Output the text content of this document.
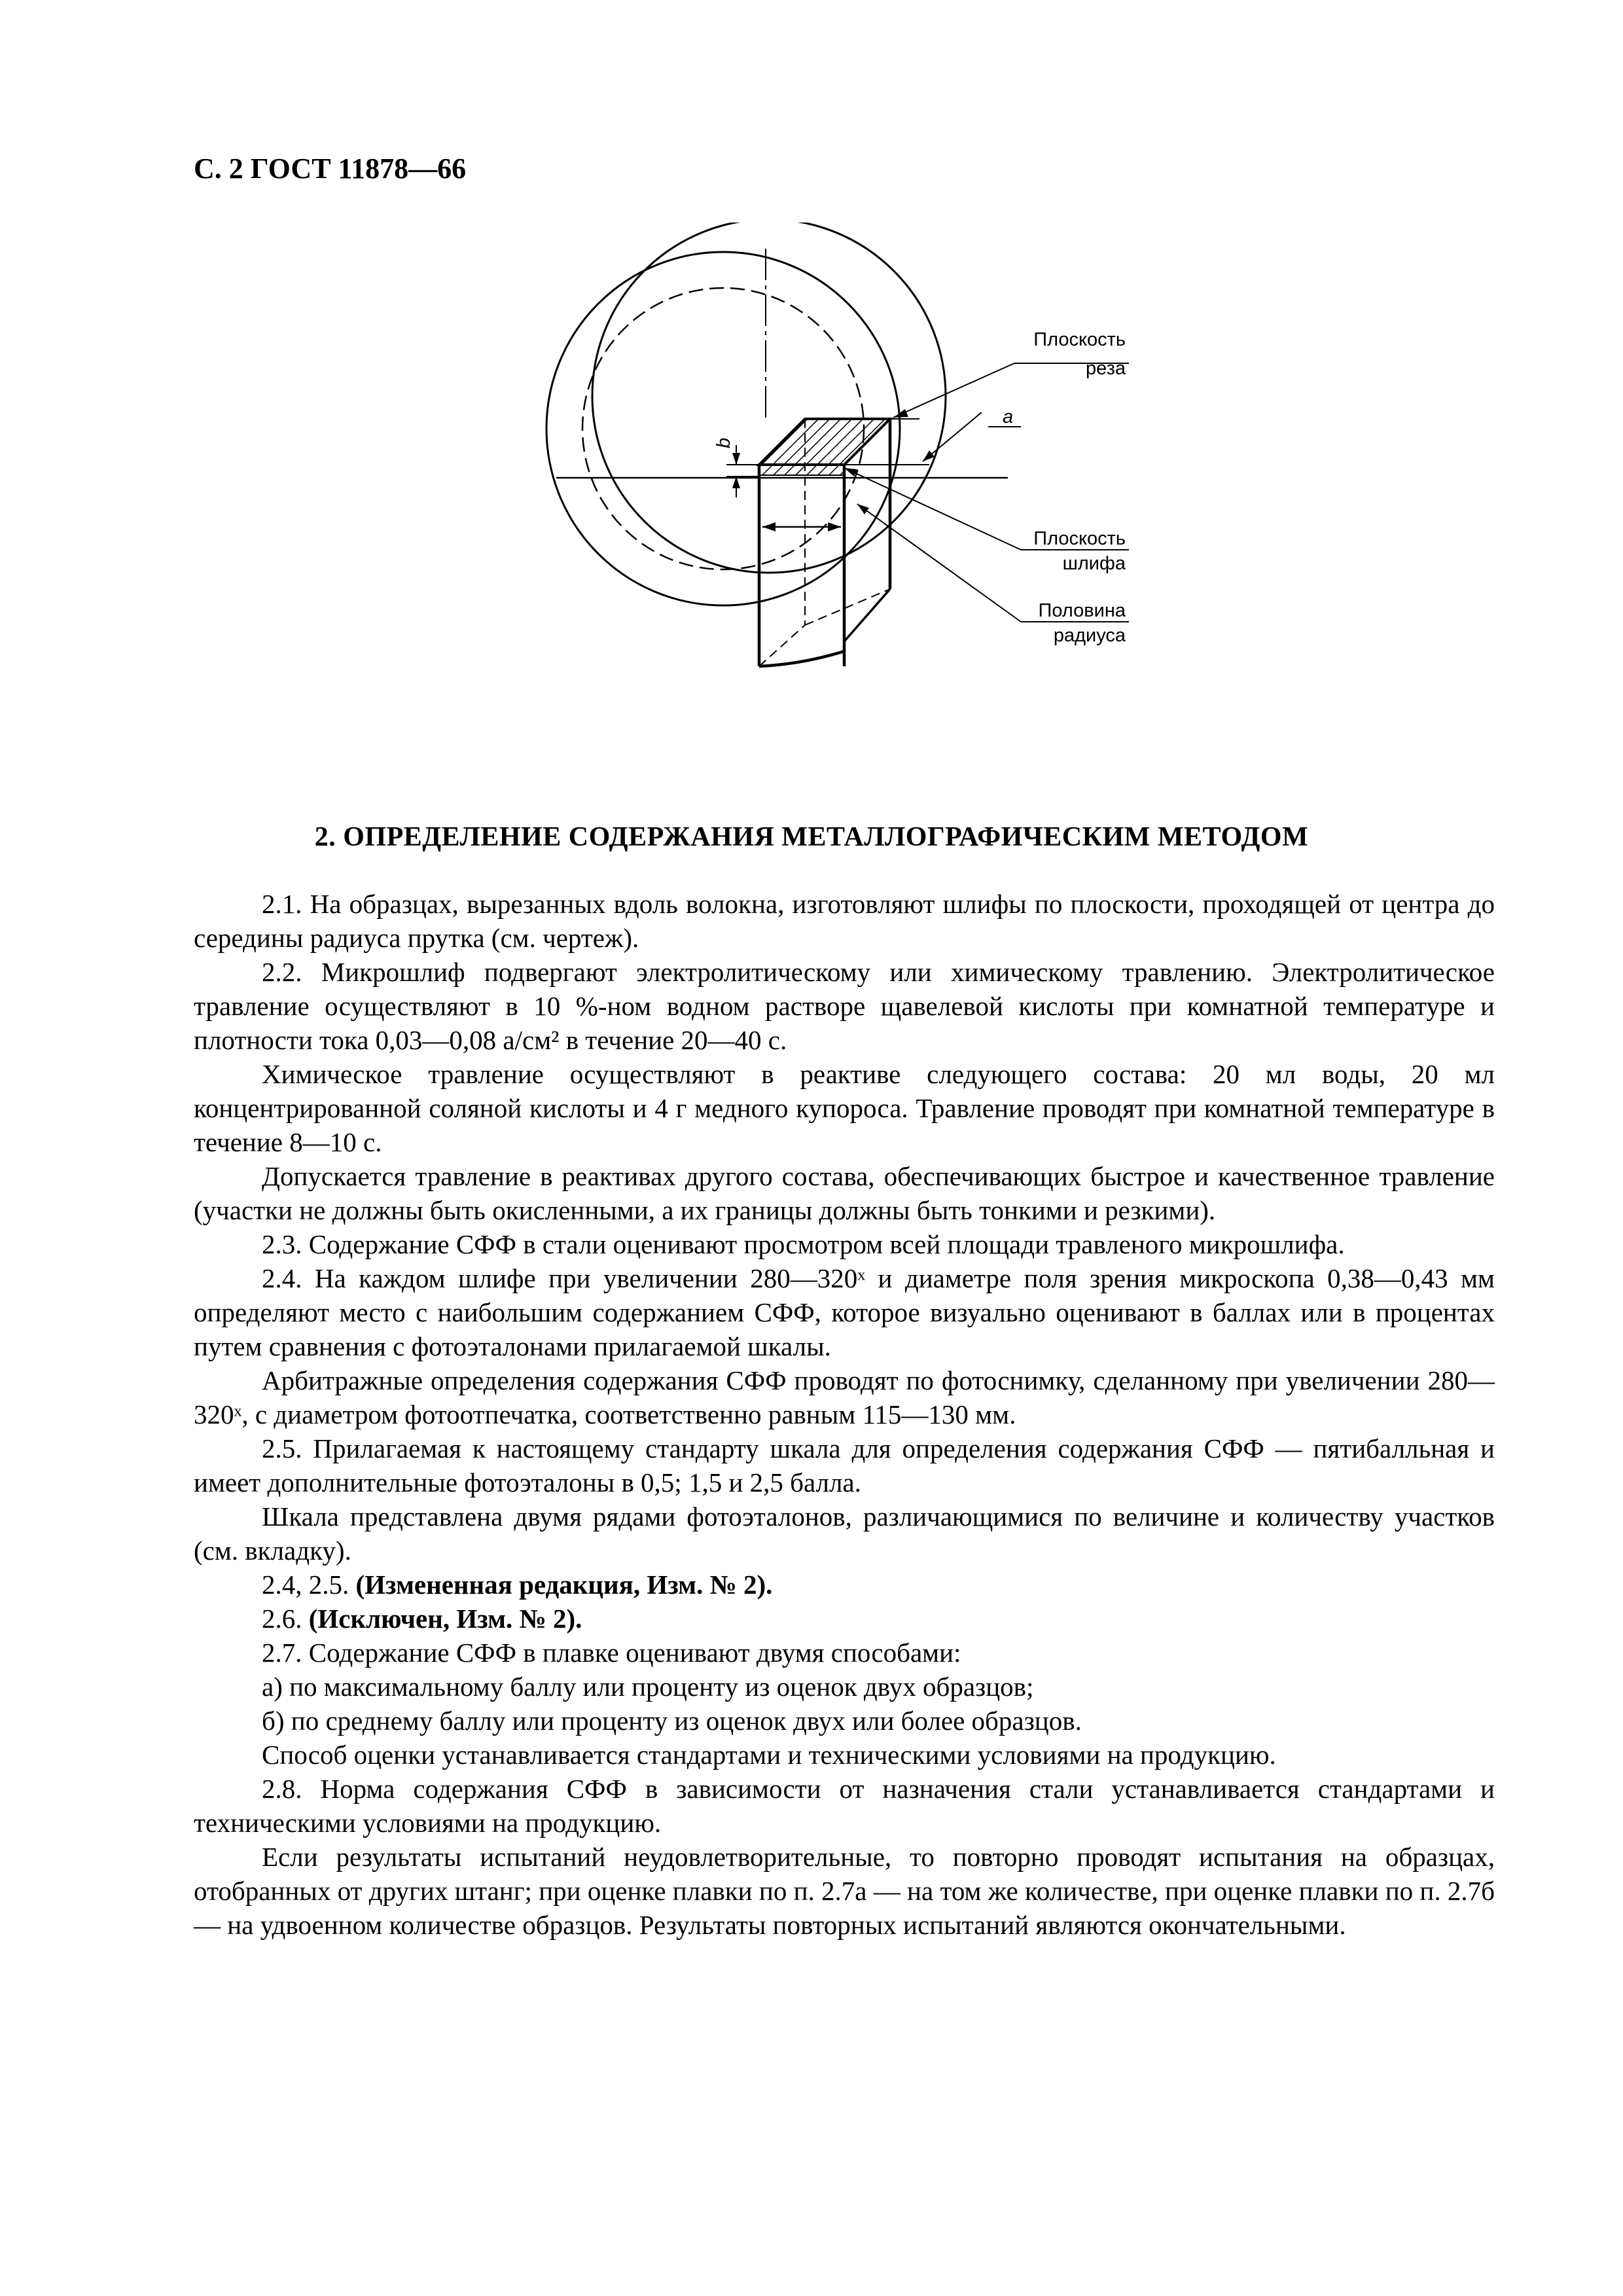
С. 2 ГОСТ 11878—66
b
a
Плоскость
реза
Плоскость
шлифа
Половина
радиуса
2. ОПРЕДЕЛЕНИЕ СОДЕРЖАНИЯ МЕТАЛЛОГРАФИЧЕСКИМ МЕТОДОМ

2.1. На образцах, вырезанных вдоль волокна, изготовляют шлифы по плоскости, проходящей от центра до середины радиуса прутка (см. чертеж).

2.2. Микрошлиф подвергают электролитическому или химическому травлению. Электролитическое травление осуществляют в 10 %-ном водном растворе щавелевой кислоты при комнатной температуре и плотности тока 0,03—0,08 а/см² в течение 20—40 с.

Химическое травление осуществляют в реактиве следующего состава: 20 мл воды, 20 мл концентрированной соляной кислоты и 4 г медного купороса. Травление проводят при комнатной температуре в течение 8—10 с.

Допускается травление в реактивах другого состава, обеспечивающих быстрое и качественное травление (участки не должны быть окисленными, а их границы должны быть тонкими и резкими).

2.3. Содержание СФФ в стали оценивают просмотром всей площади травленого микрошлифа.

2.4. На каждом шлифе при увеличении 280—320ˣ и диаметре поля зрения микроскопа 0,38—0,43 мм определяют место с наибольшим содержанием СФФ, которое визуально оценивают в баллах или в процентах путем сравнения с фотоэталонами прилагаемой шкалы.

Арбитражные определения содержания СФФ проводят по фотоснимку, сделанному при увеличении 280—320ˣ, с диаметром фотоотпечатка, соответственно равным 115—130 мм.

2.5. Прилагаемая к настоящему стандарту шкала для определения содержания СФФ — пятибалльная и имеет дополнительные фотоэталоны в 0,5; 1,5 и 2,5 балла.

Шкала представлена двумя рядами фотоэталонов, различающимися по величине и количеству участков (см. вкладку).

2.4, 2.5. (Измененная редакция, Изм. № 2).

2.6. (Исключен, Изм. № 2).

2.7. Содержание СФФ в плавке оценивают двумя способами:

а) по максимальному баллу или проценту из оценок двух образцов;

б) по среднему баллу или проценту из оценок двух или более образцов.

Способ оценки устанавливается стандартами и техническими условиями на продукцию.

2.8. Норма содержания СФФ в зависимости от назначения стали устанавливается стандартами и техническими условиями на продукцию.

Если результаты испытаний неудовлетворительные, то повторно проводят испытания на образцах, отобранных от других штанг; при оценке плавки по п. 2.7а — на том же количестве, при оценке плавки по п. 2.7б — на удвоенном количестве образцов. Результаты повторных испытаний являются окончательными.
